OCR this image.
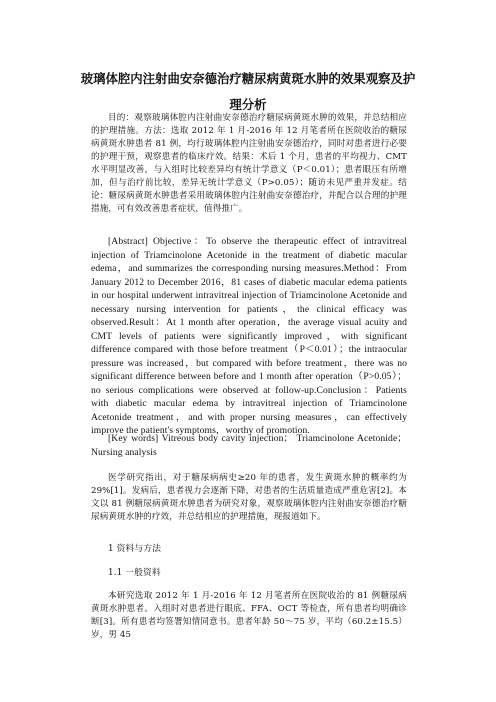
玻璃体腔内注射曲安奈德治疗糖尿病黄斑水肿的效果观察及护理分析

目的：观察玻璃体腔内注射曲安奈德治疗糖尿病黄斑水肿的效果，并总结相应的护理措施。方法：选取 2012 年 1 月-2016 年 12 月笔者所在医院收治的糖尿病黄斑水肿患者 81 例，均行玻璃体腔内注射曲安奈德治疗，同时对患者进行必要的护理干预，观察患者的临床疗效。结果：术后 1 个月，患者的平均视力、CMT 水平明显改善，与入组时比较差异均有统计学意义（P＜0.01）；患者眼压有所增加，但与治疗前比较，差异无统计学意义（P>0.05）；随访未见严重并发症。结论：糖尿病黄斑水肿患者采用玻璃体腔内注射曲安奈德治疗，并配合以合理的护理措施，可有效改善患者症状，值得推广。

[Abstract] Objective：To observe the therapeutic effect of intravitreal injection of Triamcinolone Acetonide in the treatment of diabetic macular edema，and summarizes the corresponding nursing measures.Method：From January 2012 to December 2016，81 cases of diabetic macular edema patients in our hospital underwent intravitreal injection of Triamcinolone Acetonide and necessary nursing intervention for patients，the clinical efficacy was observed.Result：At 1 month after operation，the average visual acuity and CMT levels of patients were significantly improved，with significant difference compared with those before treatment（P＜0.01）；the intraocular pressure was increased，but compared with before treatment，there was no significant difference between before and 1 month after operation（P>0.05）；no serious complications were observed at follow-up.Conclusion：Patients with diabetic macular edema by intravitreal injection of Triamcinolone Acetonide treatment，and with proper nursing measures，can effectively improve the patient's symptoms，worthy of promotion.

[Key words] Vitreous body cavity injection； Triamcinolone Acetonide； Nursing analysis

医学研究指出，对于糖尿病病史≥20 年的患者，发生黄斑水肿的概率约为 29%[1]。发病后，患者视力会逐渐下降，对患者的生活质量造成严重危害[2]。本文以 81 例糖尿病黄斑水肿患者为研究对象，观察玻璃体腔内注射曲安奈德治疗糖尿病黄斑水肿的疗效，并总结相应的护理措施，现报道如下。

1 资料与方法
1.1 一般资料

本研究选取 2012 年 1 月-2016 年 12 月笔者所在医院收治的 81 例糖尿病黄斑水肿患者。入组时对患者进行眼底、FFA、OCT 等检查，所有患者均明确诊断[3]。所有患者均签署知情同意书。患者年龄 50～75 岁，平均（60.2±15.5）岁，男 45
